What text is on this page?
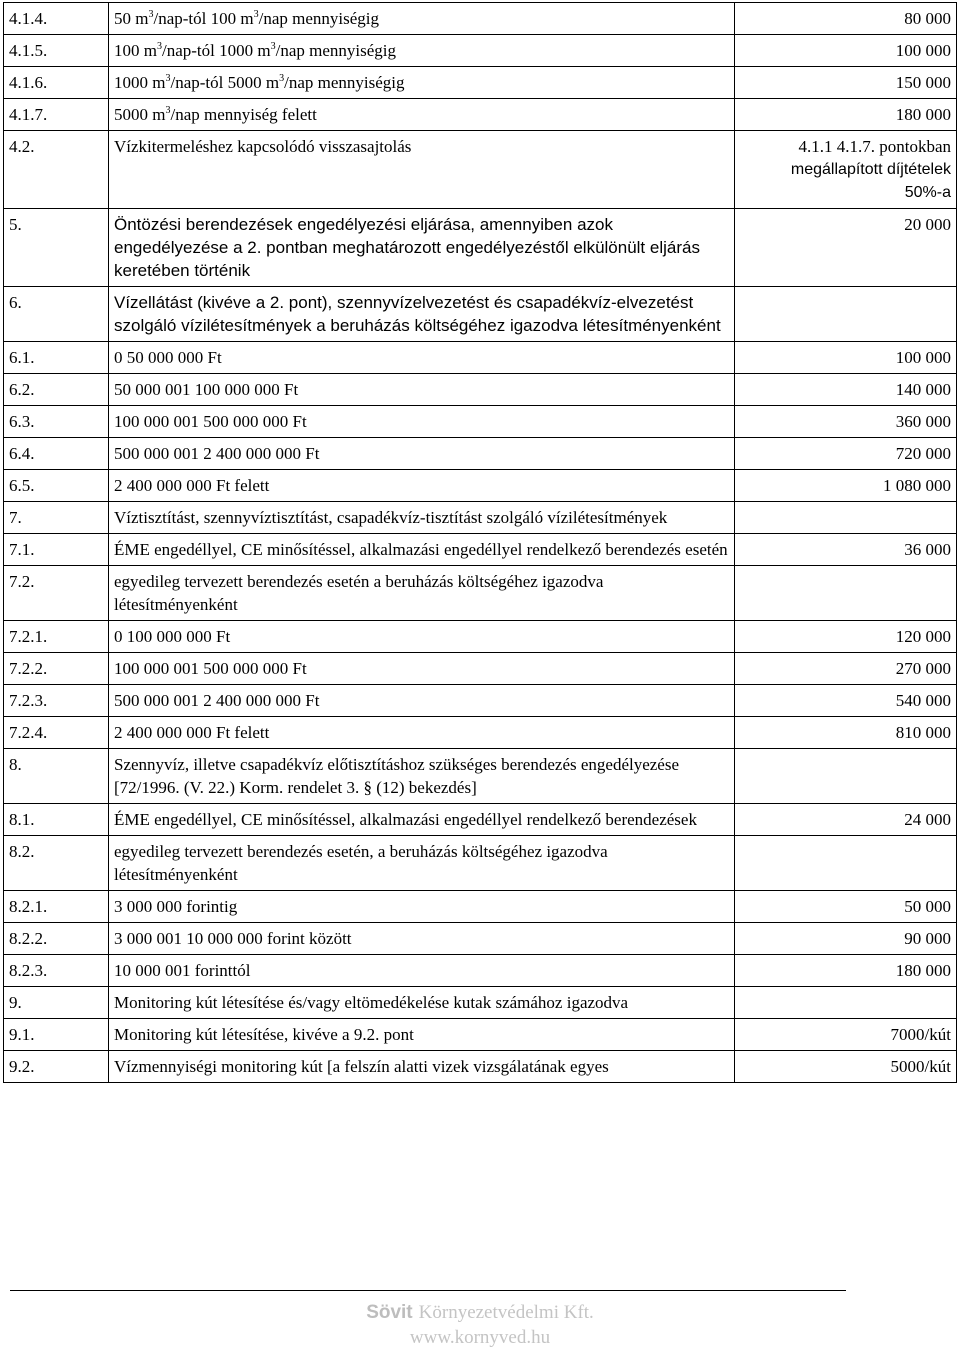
4.1.4.	50 $m^3/nap$-tól 100 $m^3$/nap mennyiségig	80 000
4.1.5.	100 $m^3/nap$-tól 1000 $m^3$/nap mennyiségig	100 000
4.1.6.	1000 $m^3/nap$-tól 5000 $m^3$/nap mennyiségig	150 000
4.1.7.	5000 $m^3$/nap mennyiség felett	180 000
4.2.	Vízkitermeléshez kapcsolódó visszasajtolás	4.1.1 4.1.7. pontokban
megállapított díjtételek
50%-a

5.	Öntözési berendezések engedélyezési eljárása, amennyiben azok engedélyezése a 2. pontban meghatározott engedélyezéstől elkülönült eljárás keretében történik	20 000
6.	Vízellátást (kivéve a 2. pont), szennyvízelvezetést és csapadékvíz-elvezetést szolgáló vízilétesítmények a beruházás költségéhez igazodva létesítményenként	
6.1.	0 50 000 000 Ft	100 000
6.2.	50 000 001 100 000 000 Ft	140 000
6.3.	100 000 001 500 000 000 Ft	360 000
6.4.	500 000 001 2 400 000 000 Ft	720 000
6.5.	2 400 000 000 Ft felett	1 080 000
7.	Víztisztítást, szennyvíztisztítást, csapadékvíz-tisztítást szolgáló vízilétesítmények	
7.1.	ÉME engedéllyel, CE minősítéssel, alkalmazási engedéllyel rendelkező berendezés esetén	36 000
7.2.	egyedileg tervezett berendezés esetén a beruházás költségéhez igazodva létesítményenként	
7.2.1.	0 100 000 000 Ft	120 000
7.2.2.	100 000 001 500 000 000 Ft	270 000
7.2.3.	500 000 001 2 400 000 000 Ft	540 000
7.2.4.	2 400 000 000 Ft felett	810 000
8.	Szennyvíz, illetve csapadékvíz előtisztításhoz szükséges berendezés engedélyezése [72/1996. (V. 22.) Korm. rendelet 3. § (12) bekezdés]	
8.1.	ÉME engedéllyel, CE minősítéssel, alkalmazási engedéllyel rendelkező berendezések	24 000
8.2.	egyedileg tervezett berendezés esetén, a beruházás költségéhez igazodva létesítményenként	
8.2.1.	3 000 000 forintig	50 000
8.2.2.	3 000 001 10 000 000 forint között	90 000
8.2.3.	10 000 001 forinttól	180 000
9.	Monitoring kút létesítése és/vagy eltömedékelése kutak számához igazodva	
9.1.	Monitoring kút létesítése, kivéve a 9.2. pont	7000/kút
9.2.	Vízmennyiségi monitoring kút [a felszín alatti vizek vizsgálatának egyes	5000/kút
Sövit Környezetvédelmi Kft.
www.kornyved.hu
